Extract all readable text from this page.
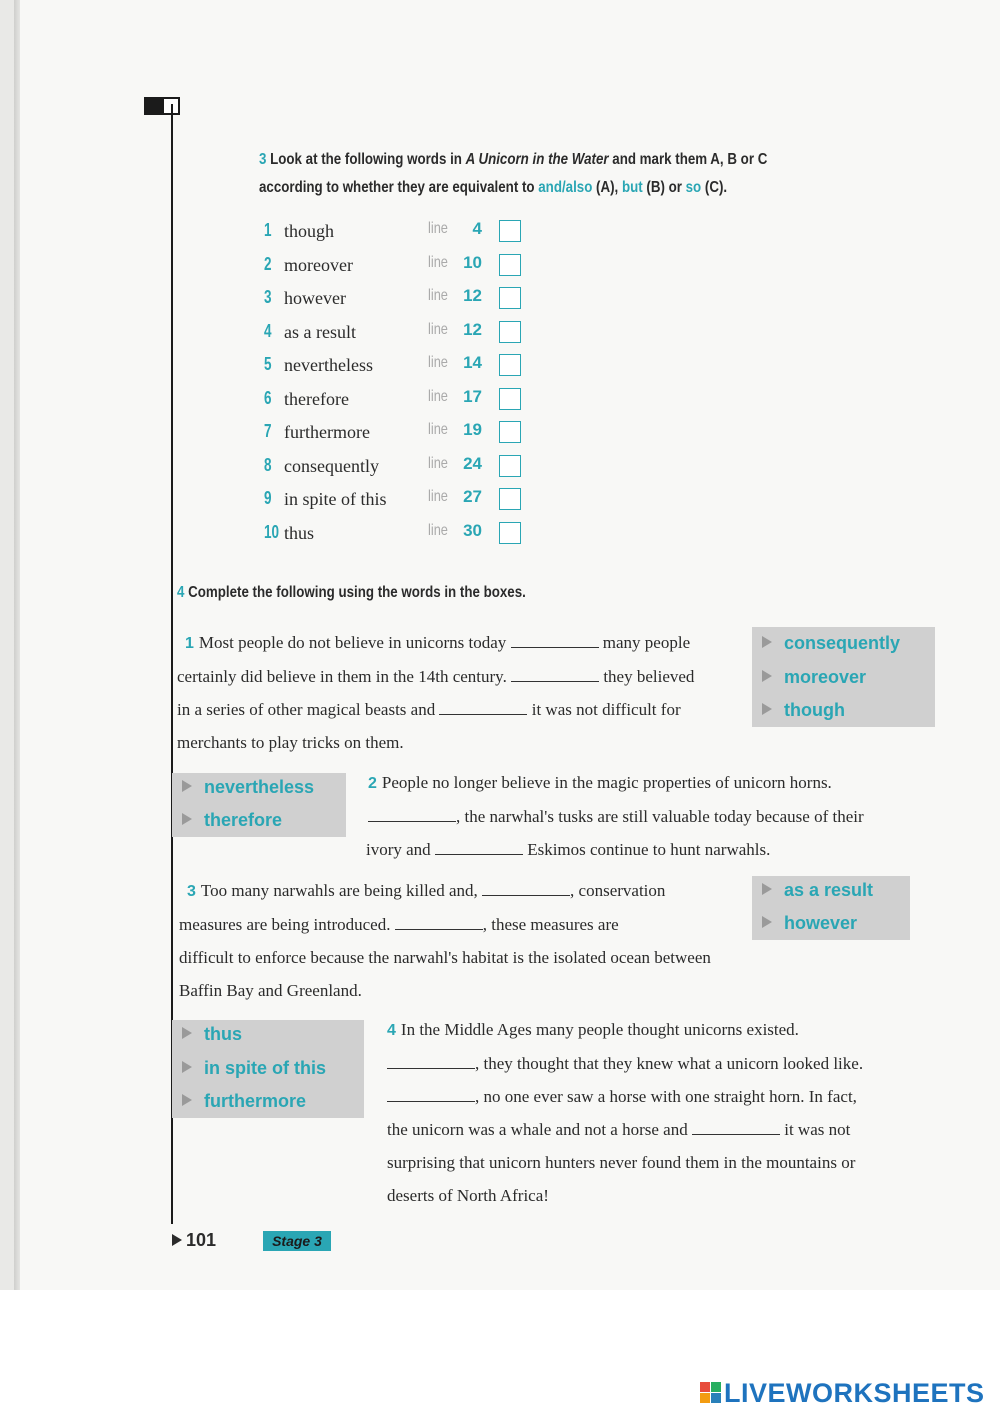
3 Look at the following words in A Unicorn in the Water and mark them A, B or C
according to whether they are equivalent to and/also (A), but (B) or so (C).
1 though	line	4
2 moreover	line 10
3 however	line 12
4 as a result	line 12
5 nevertheless	line 14
6 therefore	line 17
7 furthermore	line 19
8 consequently	line 24
9 in spite of this	line 27
10 thus	line 30
4 Complete the following using the words in the boxes.
1 Most people do not believe in unicorns today	many people
certainly did believe in them in the 14th century.	they believed
in a series of other magical beasts and	it was not difficult for
merchants to play tricks on them.
consequently
moreover
though
nevertheless
therefore
2 People no longer believe in the magic properties of unicorn horns.
, the narwhal's tusks are still valuable today because of their
ivory and	Eskimos continue to hunt narwahls.
3 Too many narwahls are being killed and,	, conservation
measures are being introduced.	, these measures are
difficult to enforce because the narwahl's habitat is the isolated ocean between
Baffin Bay and Greenland.
as a result
however
thus
in spite of this
furthermore
4 In the Middle Ages many people thought unicorns existed.
, they thought that they knew what a unicorn looked like.
, no one ever saw a horse with one straight horn. In fact,
the unicorn was a whale and not a horse and	it was not
surprising that unicorn hunters never found them in the mountains or
deserts of North Africa!
101	Stage 3
LIVEWORKSHEETS
